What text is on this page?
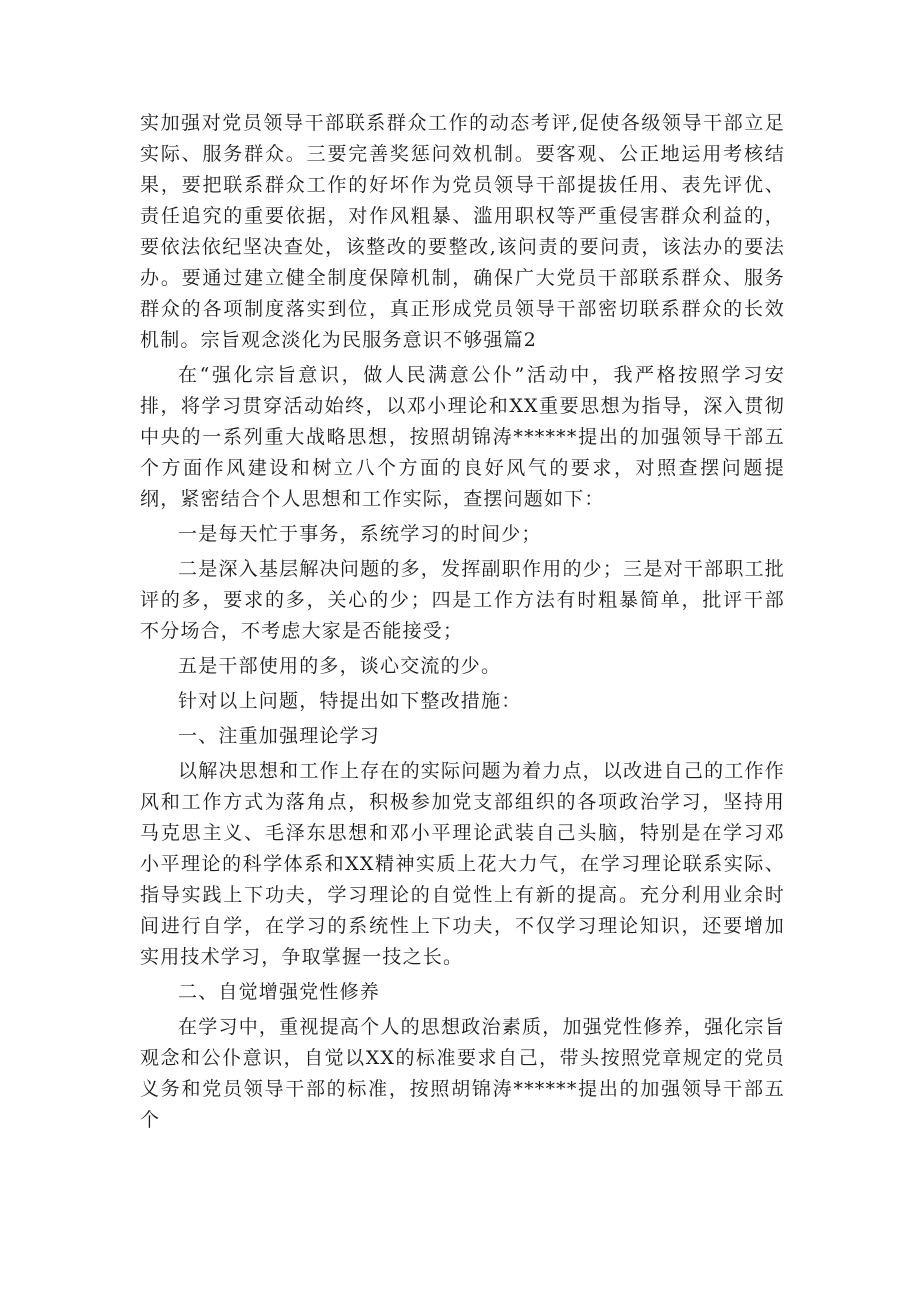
实加强对党员领导干部联系群众工作的动态考评,促使各级领导干部立足实际、服务群众。三要完善奖惩问效机制。要客观、公正地运用考核结果，要把联系群众工作的好坏作为党员领导干部提拔任用、表先评优、责任追究的重要依据，对作风粗暴、滥用职权等严重侵害群众利益的，要依法依纪坚决查处，该整改的要整改,该问责的要问责，该法办的要法办。要通过建立健全制度保障机制，确保广大党员干部联系群众、服务群众的各项制度落实到位，真正形成党员领导干部密切联系群众的长效机制。宗旨观念淡化为民服务意识不够强篇2

在“强化宗旨意识，做人民满意公仆”活动中，我严格按照学习安排，将学习贯穿活动始终，以邓小理论和XX重要思想为指导，深入贯彻中央的一系列重大战略思想，按照胡锦涛******提出的加强领导干部五个方面作风建设和树立八个方面的良好风气的要求，对照查摆问题提纲，紧密结合个人思想和工作实际，查摆问题如下：

一是每天忙于事务，系统学习的时间少；

二是深入基层解决问题的多，发挥副职作用的少；三是对干部职工批评的多，要求的多，关心的少；四是工作方法有时粗暴简单，批评干部不分场合，不考虑大家是否能接受；

五是干部使用的多，谈心交流的少。

针对以上问题，特提出如下整改措施：

一、注重加强理论学习

以解决思想和工作上存在的实际问题为着力点，以改进自己的工作作风和工作方式为落角点，积极参加党支部组织的各项政治学习，坚持用马克思主义、毛泽东思想和邓小平理论武装自己头脑，特别是在学习邓小平理论的科学体系和XX精神实质上花大力气，在学习理论联系实际、指导实践上下功夫，学习理论的自觉性上有新的提高。充分利用业余时间进行自学，在学习的系统性上下功夫，不仅学习理论知识，还要增加实用技术学习，争取掌握一技之长。

二、自觉增强党性修养

在学习中，重视提高个人的思想政治素质，加强党性修养，强化宗旨观念和公仆意识，自觉以XX的标准要求自己，带头按照党章规定的党员义务和党员领导干部的标准，按照胡锦涛******提出的加强领导干部五个
